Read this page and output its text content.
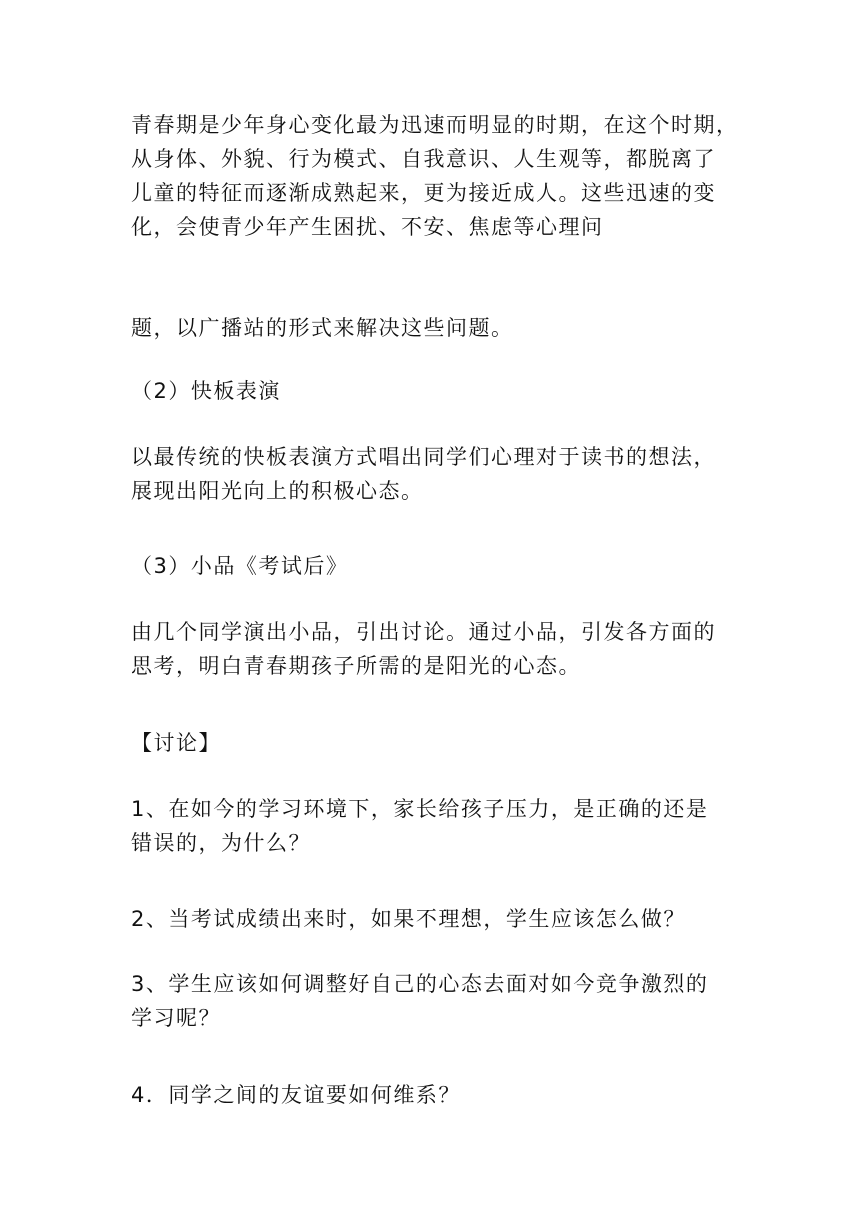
青春期是少年身心变化最为迅速而明显的时期，在这个时期，
从身体、外貌、行为模式、自我意识、人生观等，都脱离了
儿童的特征而逐渐成熟起来，更为接近成人。这些迅速的变
化，会使青少年产生困扰、不安、焦虑等心理问

题，以广播站的形式来解决这些问题。

（2）快板表演

以最传统的快板表演方式唱出同学们心理对于读书的想法，
展现出阳光向上的积极心态。

（3）小品《考试后》

由几个同学演出小品，引出讨论。通过小品，引发各方面的
思考，明白青春期孩子所需的是阳光的心态。

【讨论】

1、在如今的学习环境下，家长给孩子压力，是正确的还是
错误的，为什么？

2、当考试成绩出来时，如果不理想，学生应该怎么做？

3、学生应该如何调整好自己的心态去面对如今竞争激烈的
学习呢？

4．同学之间的友谊要如何维系？
